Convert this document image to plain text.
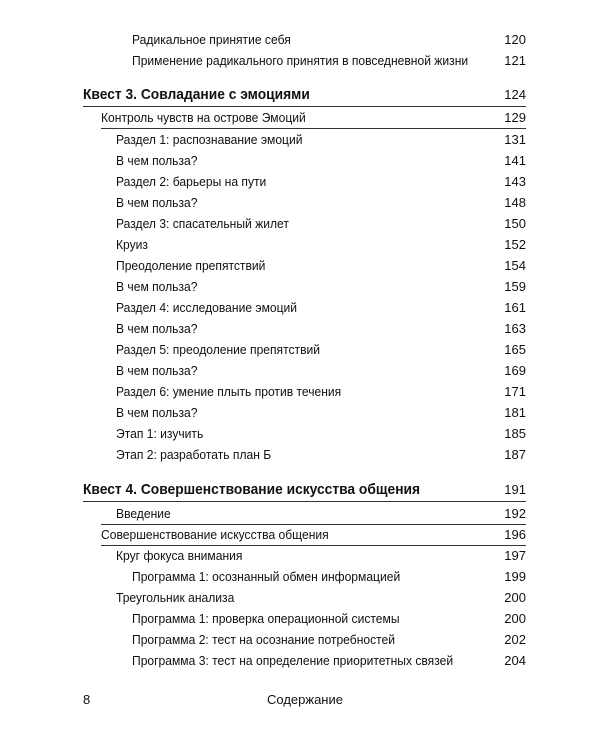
Радикальное принятие себя	120
Применение радикального принятия в повседневной жизни	121
Квест 3. Совладание с эмоциями	124
Контроль чувств на острове Эмоций	129
Раздел 1: распознавание эмоций	131
В чем польза?	141
Раздел 2: барьеры на пути	143
В чем польза?	148
Раздел 3: спасательный жилет	150
Круиз	152
Преодоление препятствий	154
В чем польза?	159
Раздел 4: исследование эмоций	161
В чем польза?	163
Раздел 5: преодоление препятствий	165
В чем польза?	169
Раздел 6: умение плыть против течения	171
В чем польза?	181
Этап 1: изучить	185
Этап 2: разработать план Б	187
Квест 4. Совершенствование искусства общения	191
Введение	192
Совершенствование искусства общения	196
Круг фокуса внимания	197
Программа 1: осознанный обмен информацией	199
Треугольник анализа	200
Программа 1: проверка операционной системы	200
Программа 2: тест на осознание потребностей	202
Программа 3: тест на определение приоритетных связей	204
8	Содержание
